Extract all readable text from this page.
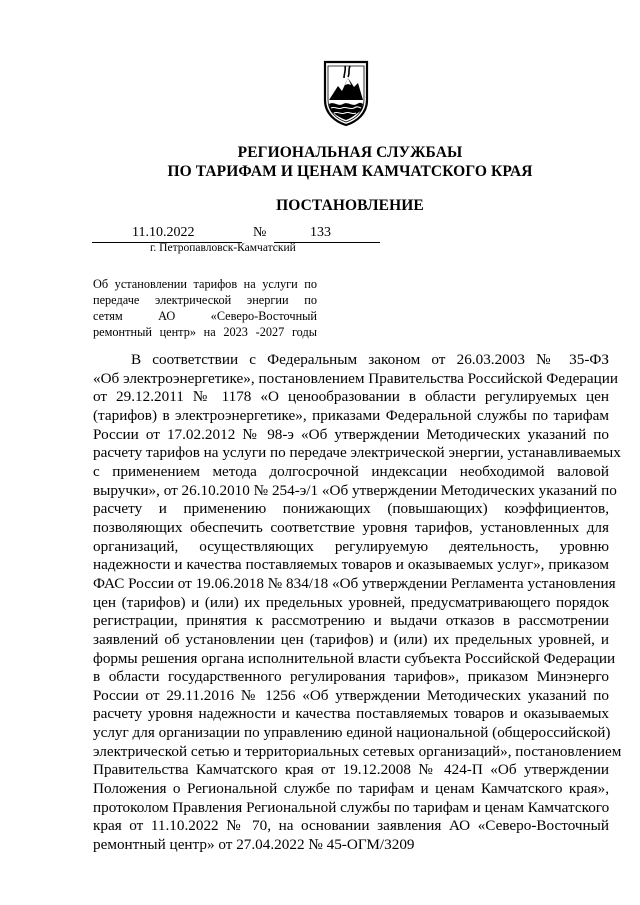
РЕГИОНАЛЬНАЯ СЛУЖБАЫ
ПО ТАРИФАМ И ЦЕНАМ КАМЧАТСКОГО КРАЯ
ПОСТАНОВЛЕНИЕ
11.10.2022	№	133
г. Петропавловск-Камчатский
Об установлении тарифов на услуги по
передаче электрической энергии по
сетям АО «Северо-Восточный
ремонтный центр» на 2023 -2027 годы
В соответствии с Федеральным законом от 26.03.2003 № 35-ФЗ
«Об электроэнергетике», постановлением Правительства Российской Федерации
от 29.12.2011 № 1178 «О ценообразовании в области регулируемых цен
(тарифов) в электроэнергетике», приказами Федеральной службы по тарифам
России от 17.02.2012 № 98-э «Об утверждении Методических указаний по
расчету тарифов на услуги по передаче электрической энергии, устанавливаемых
с применением метода долгосрочной индексации необходимой валовой
выручки», от 26.10.2010 № 254-э/1 «Об утверждении Методических указаний по
расчету и применению понижающих (повышающих) коэффициентов,
позволяющих обеспечить соответствие уровня тарифов, установленных для
организаций, осуществляющих регулируемую деятельность, уровню
надежности и качества поставляемых товаров и оказываемых услуг», приказом
ФАС России от 19.06.2018 № 834/18 «Об утверждении Регламента установления
цен (тарифов) и (или) их предельных уровней, предусматривающего порядок
регистрации, принятия к рассмотрению и выдачи отказов в рассмотрении
заявлений об установлении цен (тарифов) и (или) их предельных уровней, и
формы решения органа исполнительной власти субъекта Российской Федерации
в области государственного регулирования тарифов», приказом Минэнерго
России от 29.11.2016 № 1256 «Об утверждении Методических указаний по
расчету уровня надежности и качества поставляемых товаров и оказываемых
услуг для организации по управлению единой национальной (общероссийской)
электрической сетью и территориальных сетевых организаций», постановлением
Правительства Камчатского края от 19.12.2008 № 424-П «Об утверждении
Положения о Региональной службе по тарифам и ценам Камчатского края»,
протоколом Правления Региональной службы по тарифам и ценам Камчатского
края от 11.10.2022 № 70, на основании заявления АО «Северо-Восточный
ремонтный центр» от 27.04.2022 № 45-ОГМ/3209
